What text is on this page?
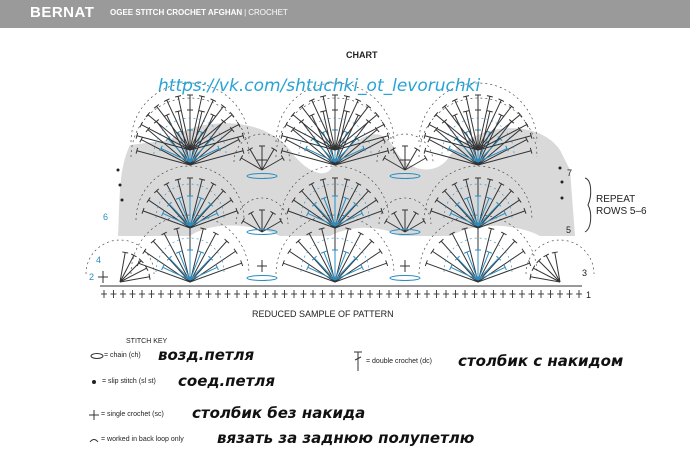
BERNAT OGEE STITCH CROCHET AFGHAN | CROCHET
CHART
https://vk.com/shtuchki_ot_levoruchki
REPEAT
ROWS 5–6
1
2	3
4
5
6
7
REDUCED SAMPLE OF PATTERN
STITCH KEY
= chain (ch) возд.петля
= slip stitch (sl st) соед.петля
= single crochet (sc) столбик без накида
= worked in back loop only вязать за заднюю полупетлю
= double crochet (dc) столбик с накидом
